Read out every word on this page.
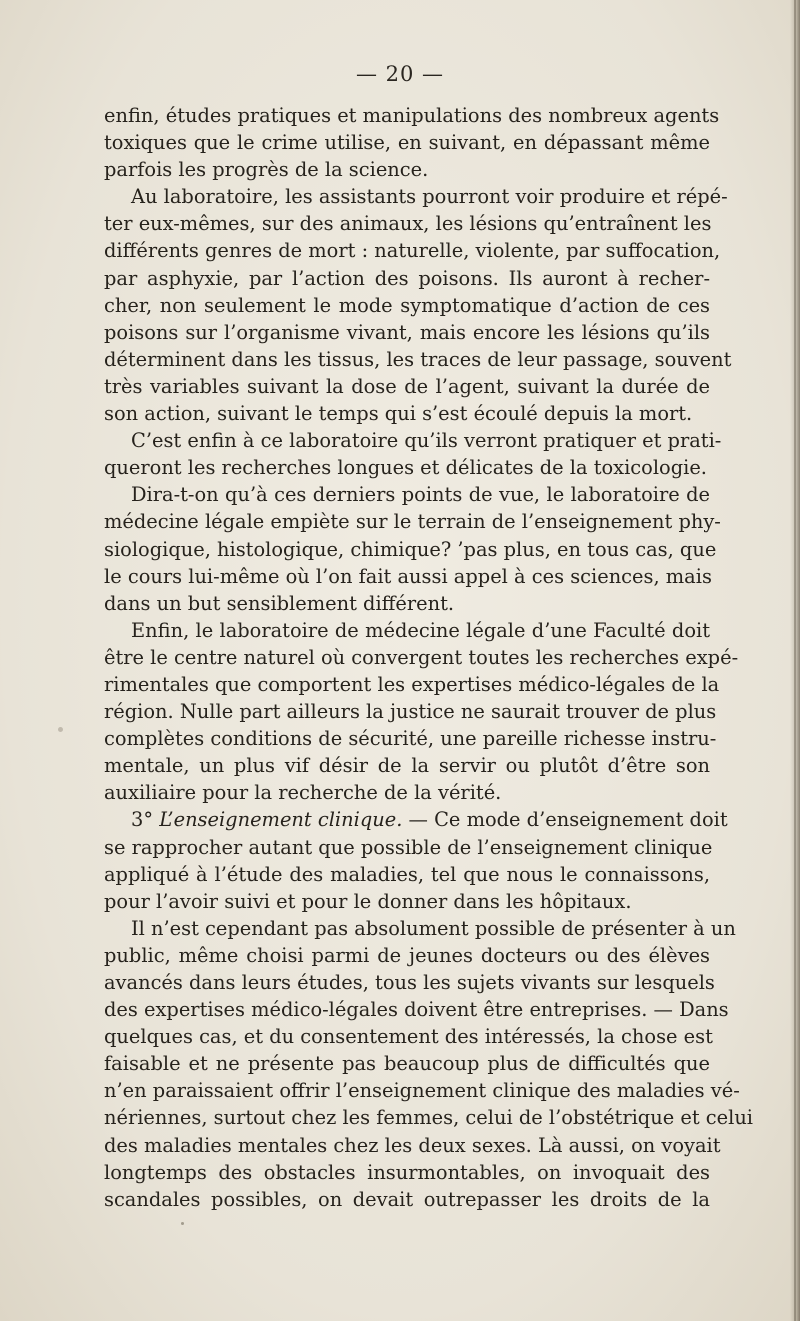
— 20 —
enfin, études pratiques et manipulations des nombreux agents
toxiques que le crime utilise, en suivant, en dépassant même
parfois les progrès de la science.
Au laboratoire, les assistants pourront voir produire et répé-
ter eux-mêmes, sur des animaux, les lésions qu’entraînent les
différents genres de mort : naturelle, violente, par suffocation,
par asphyxie, par l’action des poisons. Ils auront à recher-
cher, non seulement le mode symptomatique d’action de ces
poisons sur l’organisme vivant, mais encore les lésions qu’ils
déterminent dans les tissus, les traces de leur passage, souvent
très variables suivant la dose de l’agent, suivant la durée de
son action, suivant le temps qui s’est écoulé depuis la mort.
C’est enfin à ce laboratoire qu’ils verront pratiquer et prati-
queront les recherches longues et délicates de la toxicologie.
Dira-t-on qu’à ces derniers points de vue, le laboratoire de
médecine légale empiète sur le terrain de l’enseignement phy-
siologique, histologique, chimique? ’pas plus, en tous cas, que
le cours lui-même où l’on fait aussi appel à ces sciences, mais
dans un but sensiblement différent.
Enfin, le laboratoire de médecine légale d’une Faculté doit
être le centre naturel où convergent toutes les recherches expé-
rimentales que comportent les expertises médico-légales de la
région. Nulle part ailleurs la justice ne saurait trouver de plus
complètes conditions de sécurité, une pareille richesse instru-
mentale, un plus vif désir de la servir ou plutôt d’être son
auxiliaire pour la recherche de la vérité.
3° L’enseignement clinique. — Ce mode d’enseignement doit
se rapprocher autant que possible de l’enseignement clinique
appliqué à l’étude des maladies, tel que nous le connaissons,
pour l’avoir suivi et pour le donner dans les hôpitaux.
Il n’est cependant pas absolument possible de présenter à un
public, même choisi parmi de jeunes docteurs ou des élèves
avancés dans leurs études, tous les sujets vivants sur lesquels
des expertises médico-légales doivent être entreprises. — Dans
quelques cas, et du consentement des intéressés, la chose est
faisable et ne présente pas beaucoup plus de difficultés que
n’en paraissaient offrir l’enseignement clinique des maladies vé-
nériennes, surtout chez les femmes, celui de l’obstétrique et celui
des maladies mentales chez les deux sexes. Là aussi, on voyait
longtemps des obstacles insurmontables, on invoquait des
scandales possibles, on devait outrepasser les droits de la
